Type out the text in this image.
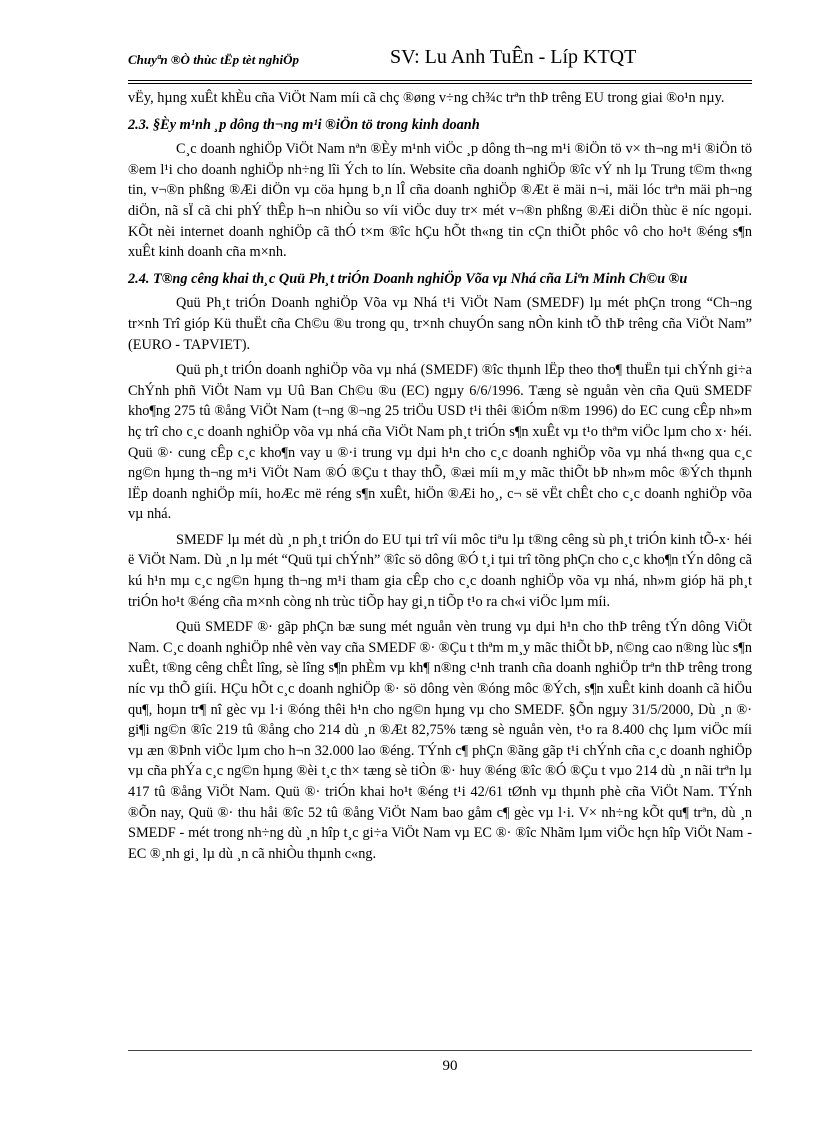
Chuyªn ®Ò thùc tËp tèt nghiÖp	SV: Lu Anh TuÊn - Líp KTQT

vËy, hµng xuÊt khÈu cña ViÖt Nam míi cã chç ®øng v÷ng ch¾c trªn thÞ trêng EU trong giai ®o¹n nµy.

2.3. §Èy m¹nh ¸p dông th¬ng m¹i ®iÖn tö trong kinh doanh

C¸c doanh nghiÖp ViÖt Nam nªn ®Èy m¹nh viÖc ¸p dông th¬ng m¹i ®iÖn tö v× th¬ng m¹i ®iÖn tö ®em l¹i cho doanh nghiÖp nh÷ng lîi Ých to lín. Website cña doanh nghiÖp ®îc vÝ nh lµ Trung t©m th«ng tin, v¬®n phßng ®Æi diÖn vµ cöa hµng b¸n lÎ cña doanh nghiÖp ®Æt ë mäi n¬i, mäi lóc trªn mäi ph¬ng diÖn, nã sÏ cã chi phÝ thÊp h¬n nhiÒu so víi viÖc duy tr× mét v¬®n phßng ®Æi diÖn thùc ë níc ngoµi. KÕt nèi internet doanh nghiÖp cã thÓ t×m ®îc hÇu hÕt th«ng tin cÇn thiÕt phôc vô cho ho¹t ®éng s¶n xuÊt kinh doanh cña m×nh.

2.4. T®ng cêng khai th¸c Quü Ph¸t triÓn Doanh nghiÖp Võa vµ Nhá cña Liªn Minh Ch©u ®u

Quü Ph¸t triÓn Doanh nghiÖp Võa vµ Nhá t¹i ViÖt Nam (SMEDF) lµ mét phÇn trong “Ch¬ng tr×nh Trî gióp Kü thuËt cña Ch©u ®u trong qu¸ tr×nh chuyÓn sang nÒn kinh tÕ thÞ trêng cña ViÖt Nam” (EURO - TAPVIET).

Quü ph¸t triÓn doanh nghiÖp võa vµ nhá (SMEDF) ®îc thµnh lËp theo tho¶ thuËn tµi chÝnh gi÷a ChÝnh phñ ViÖt Nam vµ Uû Ban Ch©u ®u (EC) ngµy 6/6/1996. Tæng sè nguån vèn cña Quü SMEDF kho¶ng 275 tû ®ång ViÖt Nam (t¬ng ®¬ng 25 triÖu USD t¹i thêi ®iÓm n®m 1996) do EC cung cÊp nh»m hç trî cho c¸c doanh nghiÖp võa vµ nhá cña ViÖt Nam ph¸t triÓn s¶n xuÊt vµ t¹o thªm viÖc lµm cho x· héi. Quü ®· cung cÊp c¸c kho¶n vay u ®·i trung vµ dµi h¹n cho c¸c doanh nghiÖp võa vµ nhá th«ng qua c¸c ng©n hµng th¬ng m¹i ViÖt Nam ®Ó ®Çu t thay thÕ, ®æi míi m¸y mãc thiÕt bÞ nh»m môc ®Ých thµnh lËp doanh nghiÖp míi, hoÆc më réng s¶n xuÊt, hiÖn ®Æi ho¸, c¬ së vËt chÊt cho c¸c doanh nghiÖp võa vµ nhá.

SMEDF lµ mét dù ¸n ph¸t triÓn do EU tµi trî víi môc tiªu lµ t®ng cêng sù ph¸t triÓn kinh tÕ-x· héi ë ViÖt Nam. Dù ¸n lµ mét “Quü tµi chÝnh” ®îc sö dông ®Ó t¸i tµi trî tõng phÇn cho c¸c kho¶n tÝn dông cã kú h¹n mµ c¸c ng©n hµng th¬ng m¹i tham gia cÊp cho c¸c doanh nghiÖp võa vµ nhá, nh»m gióp hä ph¸t triÓn ho¹t ®éng cña m×nh còng nh trùc tiÕp hay gi¸n tiÕp t¹o ra ch«i viÖc lµm míi.

Quü SMEDF ®· gãp phÇn bæ sung mét nguån vèn trung vµ dµi h¹n cho thÞ trêng tÝn dông ViÖt Nam. C¸c doanh nghiÖp nhê vèn vay cña SMEDF ®· ®Çu t thªm m¸y mãc thiÕt bÞ, n©ng cao n®ng lùc s¶n xuÊt, t®ng cêng chÊt lîng, sè lîng s¶n phÈm vµ kh¶ n®ng c¹nh tranh cña doanh nghiÖp trªn thÞ trêng trong níc vµ thÕ giíi. HÇu hÕt c¸c doanh nghiÖp ®· sö dông vèn ®óng môc ®Ých, s¶n xuÊt kinh doanh cã hiÖu qu¶, hoµn tr¶ nî gèc vµ l·i ®óng thêi h¹n cho ng©n hµng vµ cho SMEDF. §Õn ngµy 31/5/2000, Dù ¸n ®· gi¶i ng©n ®îc 219 tû ®ång cho 214 dù ¸n ®Æt 82,75% tæng sè nguån vèn, t¹o ra 8.400 chç lµm viÖc míi vµ æn ®Þnh viÖc lµm cho h¬n 32.000 lao ®éng. TÝnh c¶ phÇn ®ãng gãp t¹i chÝnh cña c¸c doanh nghiÖp vµ cña phÝa c¸c ng©n hµng ®èi t¸c th× tæng sè tiÒn ®· huy ®éng ®îc ®Ó ®Çu t vµo 214 dù ¸n nãi trªn lµ 417 tû ®ång ViÖt Nam. Quü ®· triÓn khai ho¹t ®éng t¹i 42/61 tØnh vµ thµnh phè cña ViÖt Nam. TÝnh ®Õn nay, Quü ®· thu håi ®îc 52 tû ®ång ViÖt Nam bao gåm c¶ gèc vµ l·i. V× nh÷ng kÕt qu¶ trªn, dù ¸n SMEDF - mét trong nh÷ng dù ¸n hîp t¸c gi÷a ViÖt Nam vµ EC ®· ®îc Nhãm lµm viÖc hçn hîp ViÖt Nam - EC ®¸nh gi¸ lµ dù ¸n cã nhiÒu thµnh c«ng.

90
